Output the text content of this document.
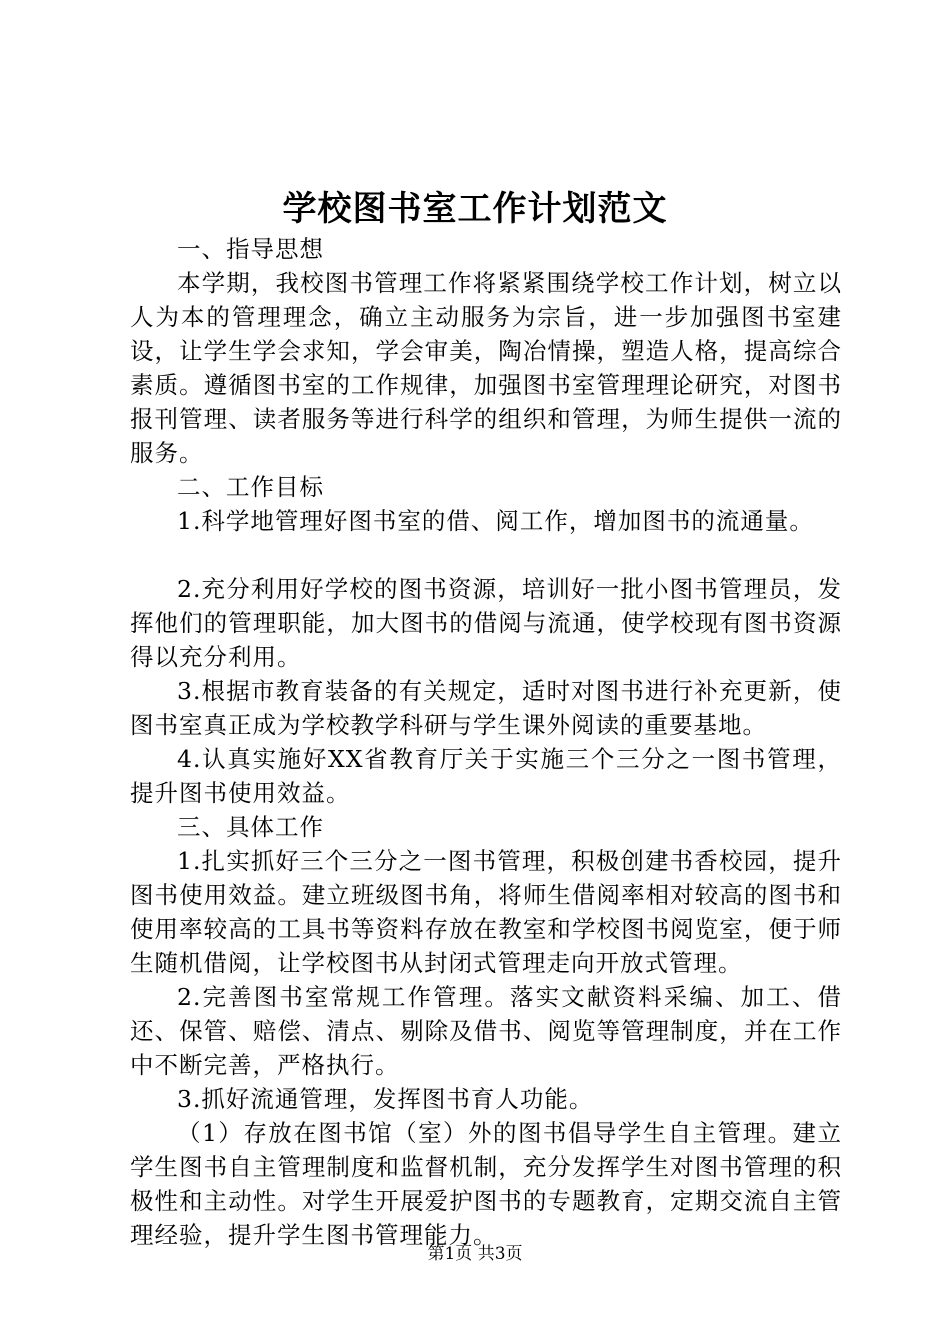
学校图书室工作计划范文

一、指导思想

本学期，我校图书管理工作将紧紧围绕学校工作计划，树立以人为本的管理理念，确立主动服务为宗旨，进一步加强图书室建设，让学生学会求知，学会审美，陶冶情操，塑造人格，提高综合素质。遵循图书室的工作规律，加强图书室管理理论研究，对图书报刊管理、读者服务等进行科学的组织和管理，为师生提供一流的服务。

二、工作目标

1.科学地管理好图书室的借、阅工作，增加图书的流通量。

2.充分利用好学校的图书资源，培训好一批小图书管理员，发挥他们的管理职能，加大图书的借阅与流通，使学校现有图书资源得以充分利用。

3.根据市教育装备的有关规定，适时对图书进行补充更新，使图书室真正成为学校教学科研与学生课外阅读的重要基地。

4.认真实施好XX省教育厅关于实施三个三分之一图书管理，提升图书使用效益。

三、具体工作

1.扎实抓好三个三分之一图书管理，积极创建书香校园，提升图书使用效益。建立班级图书角，将师生借阅率相对较高的图书和使用率较高的工具书等资料存放在教室和学校图书阅览室，便于师生随机借阅，让学校图书从封闭式管理走向开放式管理。

2.完善图书室常规工作管理。落实文献资料采编、加工、借还、保管、赔偿、清点、剔除及借书、阅览等管理制度，并在工作中不断完善，严格执行。

3.抓好流通管理，发挥图书育人功能。

（1）存放在图书馆（室）外的图书倡导学生自主管理。建立学生图书自主管理制度和监督机制，充分发挥学生对图书管理的积极性和主动性。对学生开展爱护图书的专题教育，定期交流自主管理经验，提升学生图书管理能力。

第1页 共3页
